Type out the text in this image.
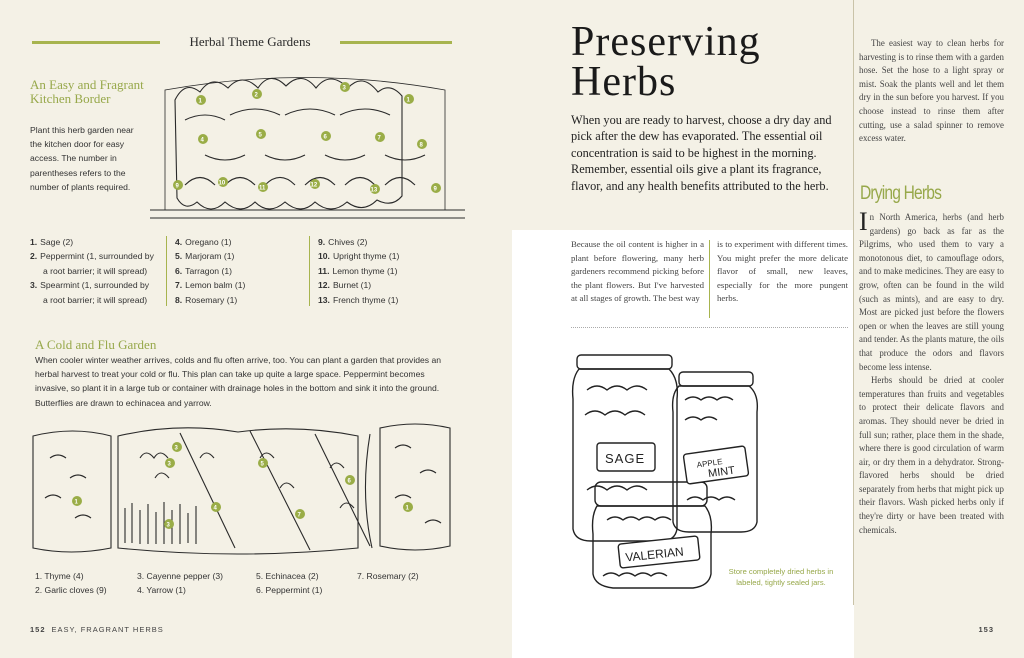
Herbal Theme Gardens
An Easy and Fragrant Kitchen Border
Plant this herb garden near the kitchen door for easy access. The number in parentheses refers to the number of plants required.
1
2
3
1
4
5	6	7
8
9	10
11	12
13	9
1. Sage (2)
2. Peppermint (1, surrounded by
a root barrier; it will spread)
3. Spearmint (1, surrounded by
a root barrier; it will spread)
4. Oregano (1)
5. Marjoram (1)
6. Tarragon (1)
7. Lemon balm (1)
8. Rosemary (1)
9. Chives (2)
10. Upright thyme (1)
11. Lemon thyme (1)
12. Burnet (1)
13. French thyme (1)
A Cold and Flu Garden
When cooler winter weather arrives, colds and flu often arrive, too. You can plant a garden that provides an herbal harvest to treat your cold or flu. This plan can take up quite a large space. Peppermint becomes invasive, so plant it in a large tub or container with drainage holes in the bottom and sink it into the ground. Butterflies are drawn to echinacea and yarrow.
1
1
3
3
3
4
5
6
7
1. Thyme (4)
2. Garlic cloves (9)
3. Cayenne pepper (3)
4. Yarrow (1)
5. Echinacea (2)
6. Peppermint (1)
7. Rosemary (2)
152 EASY, FRAGRANT HERBS
Preserving
Herbs
When you are ready to harvest, choose a dry day and pick after the dew has evaporated. The essential oil concentration is said to be highest in the morning. Remember, essential oils give a plant its fragrance, flavor, and any health benefits attributed to the herb.
Because the oil content is higher in a plant before flowering, many herb gardeners recommend picking before the plant flowers. But I've harvested at all stages of growth. The best way
is to experiment with different times. You might prefer the more delicate flavor of small, new leaves, especially for the more pungent herbs.
SAGE	APPLE
MINT
VALERIAN
Store completely dried herbs in labeled, tightly sealed jars.

The easiest way to clean herbs for harvesting is to rinse them with a garden hose. Set the hose to a light spray or mist. Soak the plants well and let them dry in the sun before you harvest. If you choose instead to rinse them after cutting, use a salad spinner to remove excess water.

Drying Herbs

In North America, herbs (and herb gardens) go back as far as the Pilgrims, who used them to vary a monotonous diet, to camouflage odors, and to make medicines. They are easy to grow, often can be found in the wild (such as mints), and are easy to dry. Most are picked just before the flowers open or when the leaves are still young and tender. As the plants mature, the oils that produce the odors and flavors become less intense.

Herbs should be dried at cooler temperatures than fruits and vegetables to protect their delicate flavors and aromas. They should never be dried in full sun; rather, place them in the shade, where there is good circulation of warm air, or dry them in a dehydrator. Strong-flavored herbs should be dried separately from herbs that might pick up their flavors. Wash picked herbs only if they're dirty or have been treated with chemicals.

153
